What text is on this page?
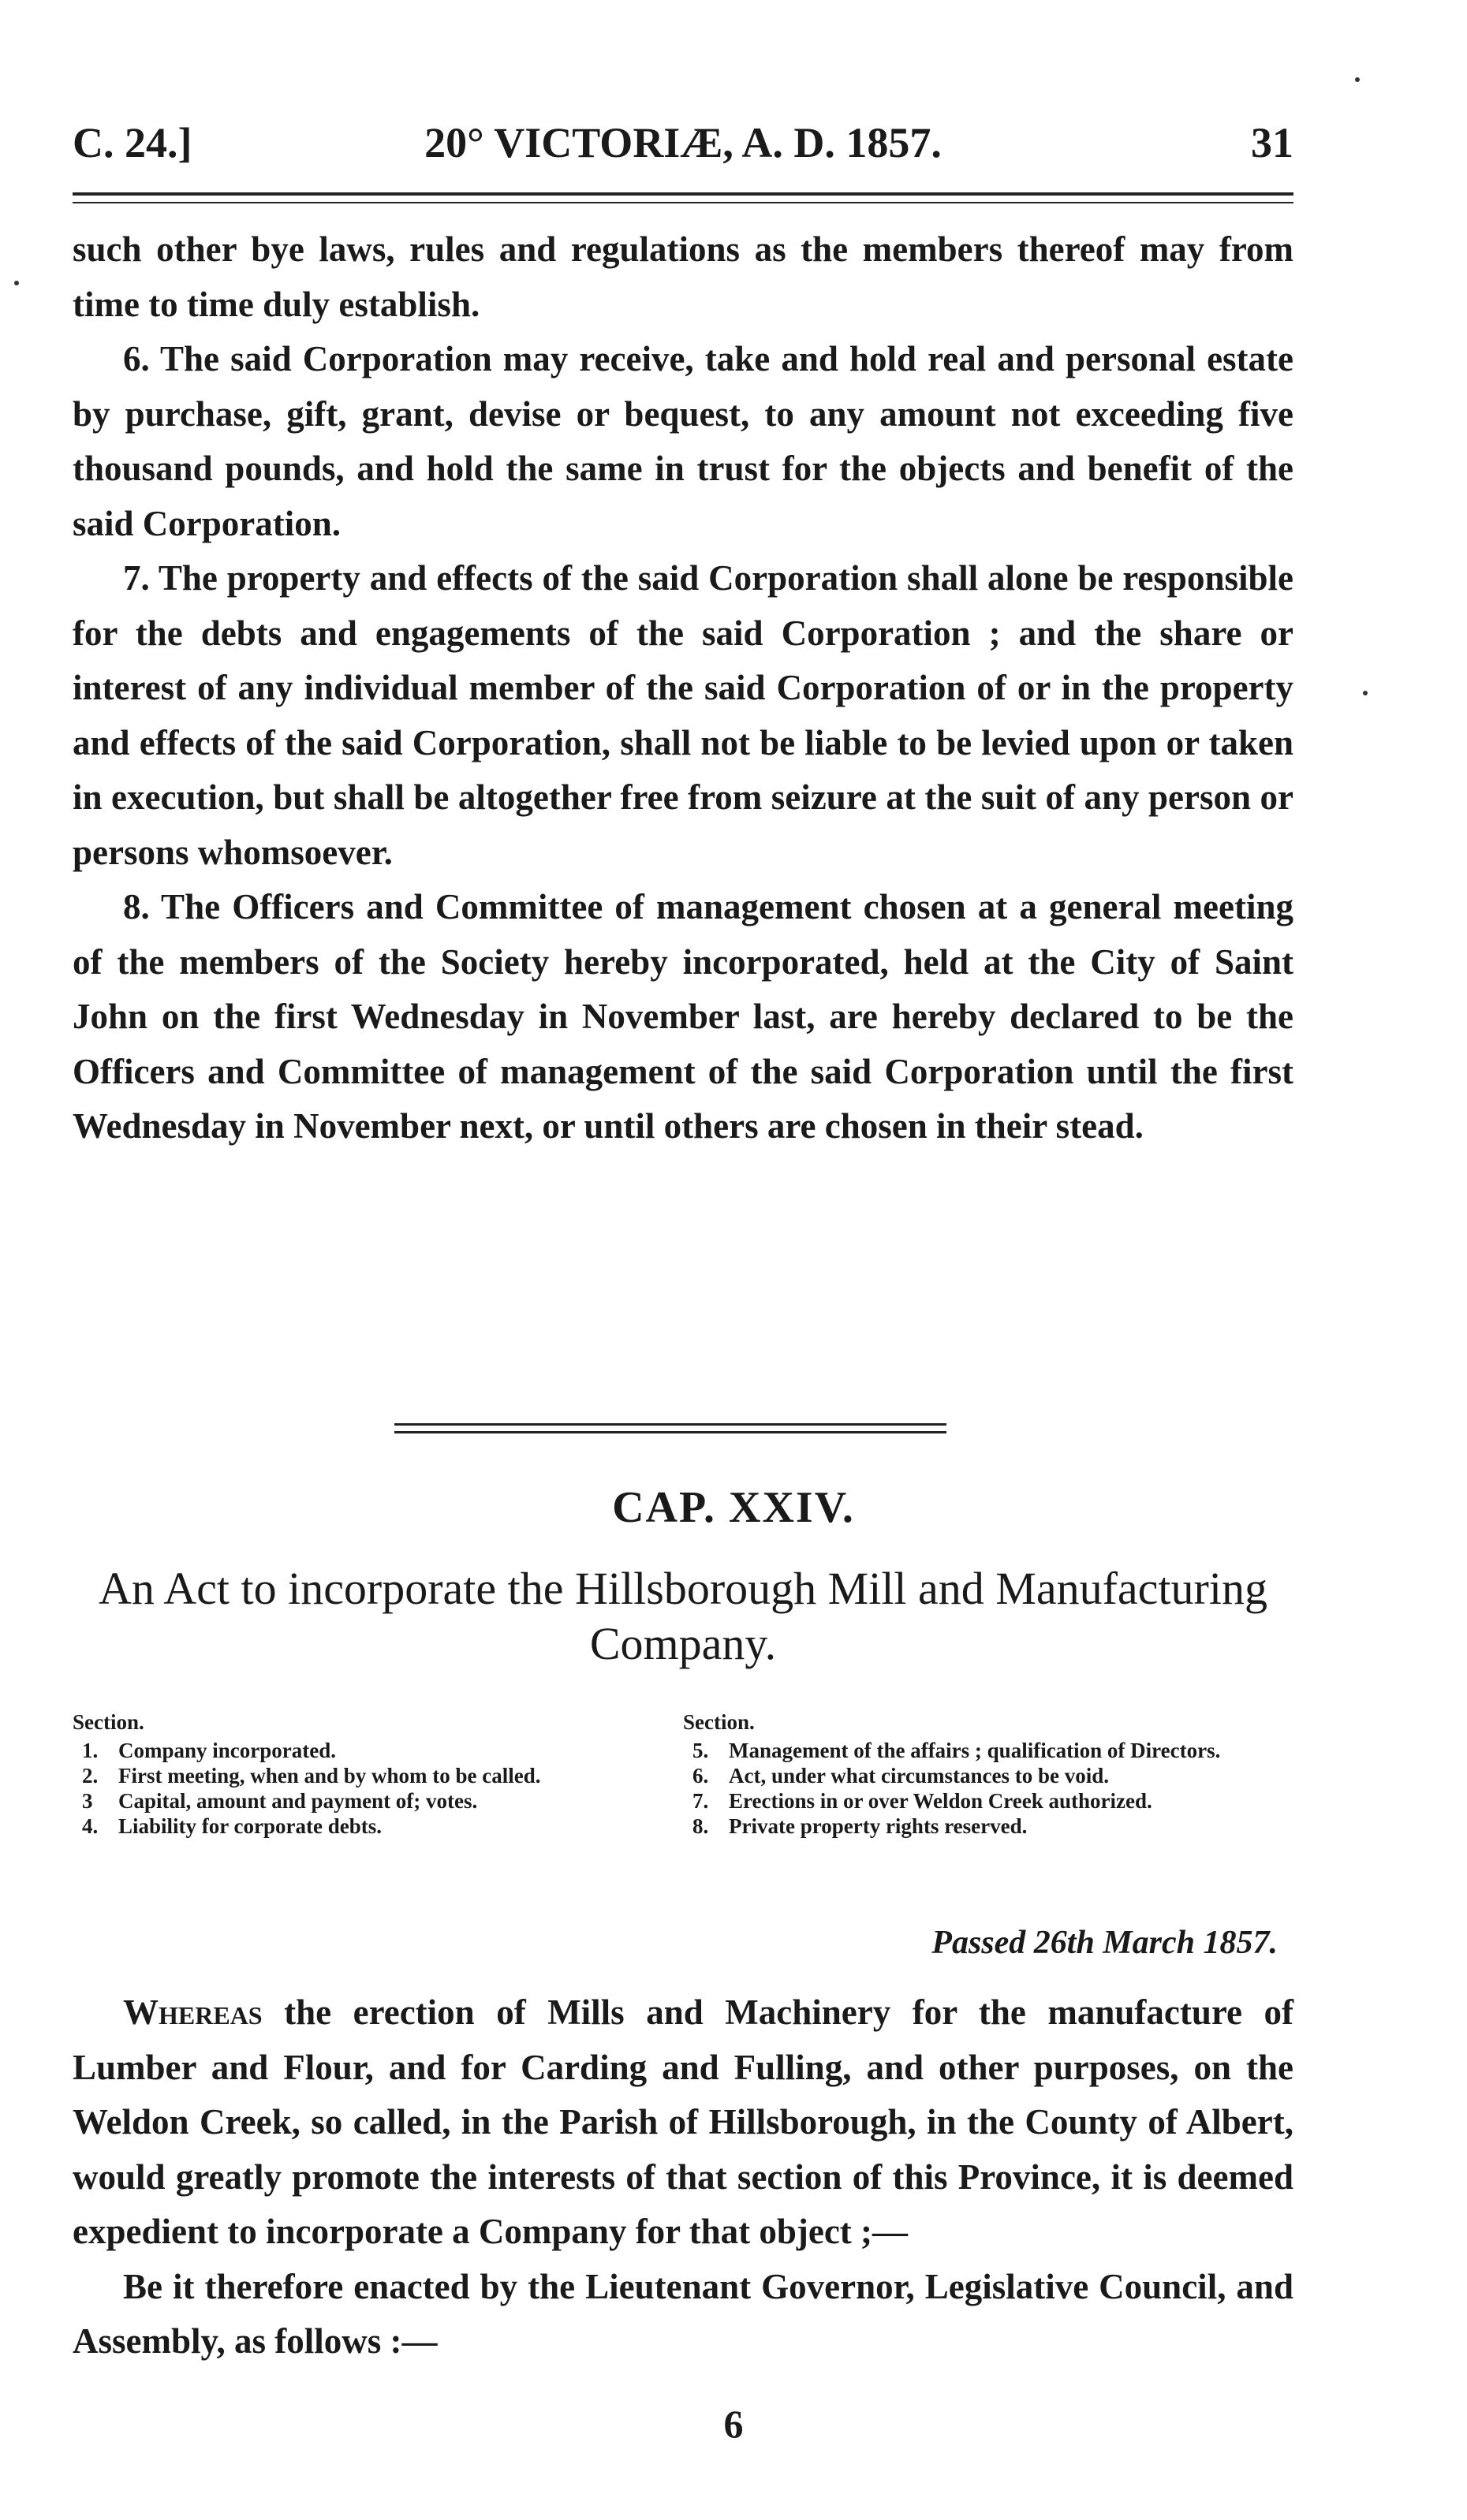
C. 24.]	20° VICTORIÆ, A. D. 1857.	31

such other bye laws, rules and regulations as the members thereof may from time to time duly establish.

6. The said Corporation may receive, take and hold real and personal estate by purchase, gift, grant, devise or bequest, to any amount not exceeding five thousand pounds, and hold the same in trust for the objects and benefit of the said Corporation.

7. The property and effects of the said Corporation shall alone be responsible for the debts and engagements of the said Corporation ; and the share or interest of any individual member of the said Corporation of or in the property and effects of the said Corporation, shall not be liable to be levied upon or taken in execution, but shall be altogether free from seizure at the suit of any person or persons whomsoever.

8. The Officers and Committee of management chosen at a general meeting of the members of the Society hereby incorporated, held at the City of Saint John on the first Wednesday in November last, are hereby declared to be the Officers and Committee of management of the said Corporation until the first Wednesday in November next, or until others are chosen in their stead.

CAP. XXIV.
An Act to incorporate the Hillsborough Mill and Manufacturing Company.
Section.
1. Company incorporated.
2. First meeting, when and by whom to be called.
3 Capital, amount and payment of; votes.
4. Liability for corporate debts.
Section.
5. Management of the affairs ; qualification of Directors.
6. Act, under what circumstances to be void.
7. Erections in or over Weldon Creek authorized.
8. Private property rights reserved.
Passed 26th March 1857.

Whereas the erection of Mills and Machinery for the manufacture of Lumber and Flour, and for Carding and Fulling, and other purposes, on the Weldon Creek, so called, in the Parish of Hillsborough, in the County of Albert, would greatly promote the interests of that section of this Province, it is deemed expedient to incorporate a Company for that object ;—

Be it therefore enacted by the Lieutenant Governor, Legislative Council, and Assembly, as follows :—

6
